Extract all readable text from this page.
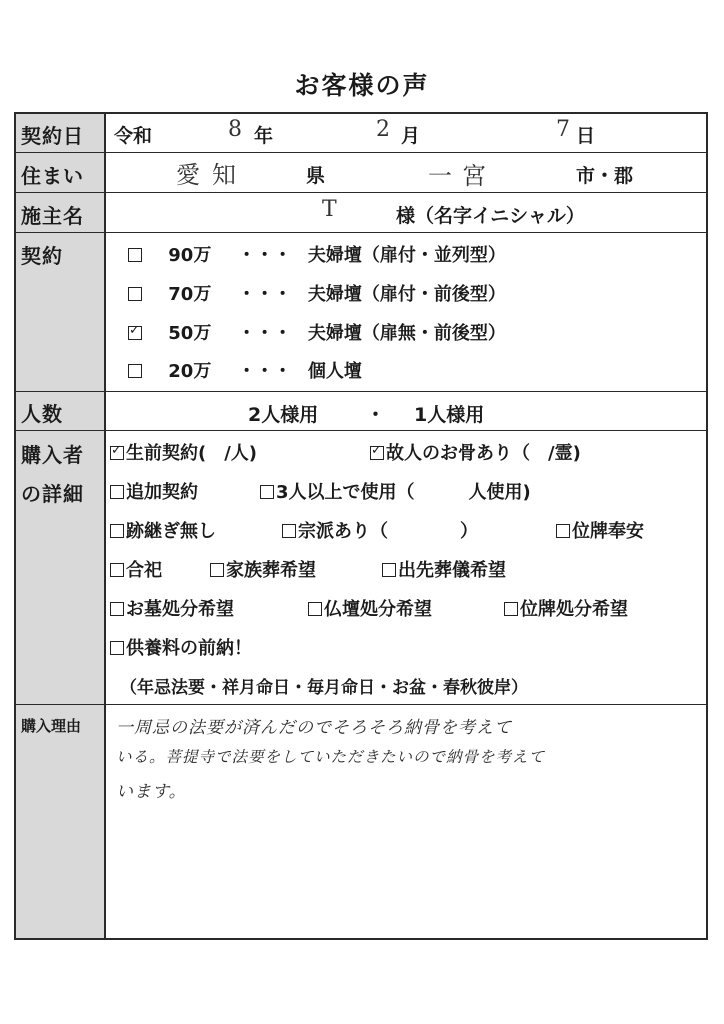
お客様の声
契約日	令和	8 年	2 月	7 日
住まい	愛知	県	一宮	市・郡
施主名	T	様（名字イニシャル）
契約	90万 ・・・ 夫婦壇（扉付・並列型）
70万 ・・・ 夫婦壇（扉付・前後型）
✓ 50万 ・・・ 夫婦壇（扉無・前後型）
20万 ・・・ 個人壇
人数	2人様用	・ 1人様用
購入者
の詳細
✓生前契約(　/人)
✓	故人のお骨あり（　/霊)
追加契約	3人以上で使用（　　　人使用)
跡継ぎ無し	宗派あり（　　　　）	位牌奉安
合祀	家族葬希望	出先葬儀希望
お墓処分希望	仏壇処分希望	位牌処分希望
供養料の前納！
（年忌法要・祥月命日・毎月命日・お盆・春秋彼岸）
購入理由	一周忌の法要が済んだのでそろそろ納骨を考えて
いる。菩提寺で法要をしていただきたいので納骨を考えて
います。
